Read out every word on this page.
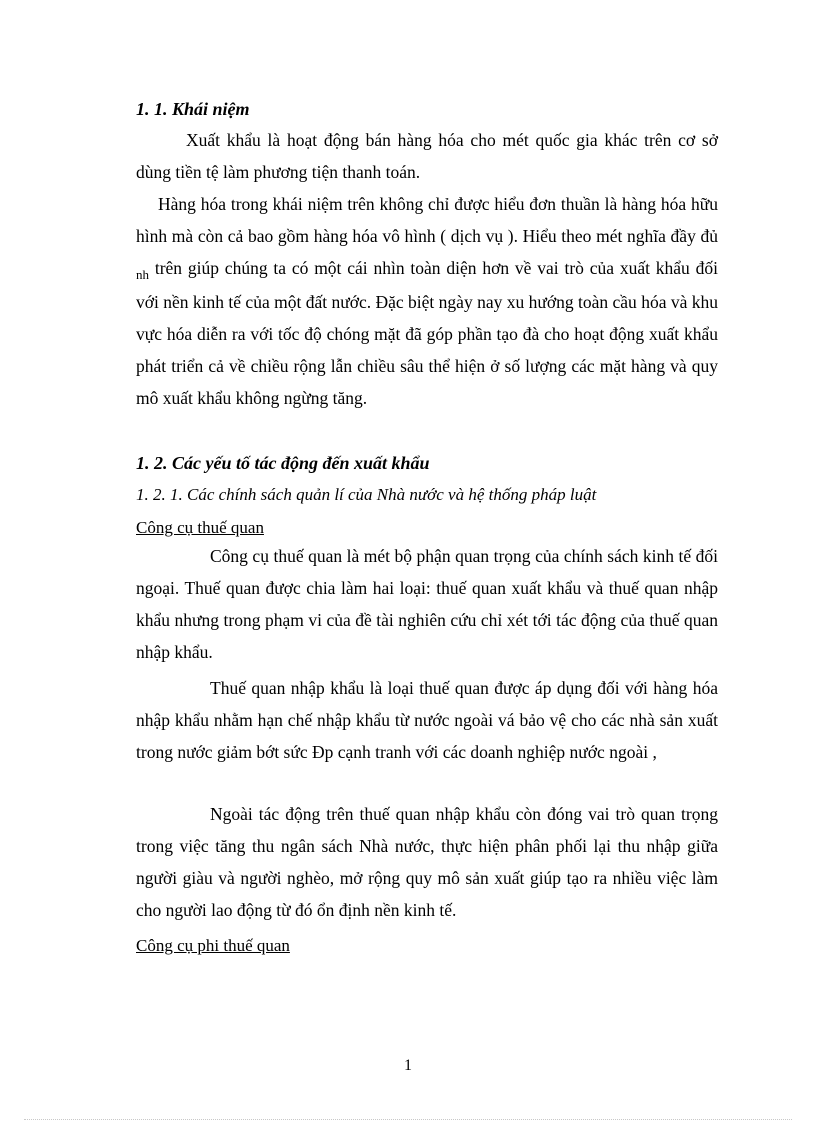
1. 1. Khái niệm

Xuất khẩu là hoạt động bán hàng hóa cho mét quốc gia khác trên cơ sở dùng tiền tệ làm phương tiện thanh toán.

Hàng hóa trong khái niệm trên không chỉ được hiểu đơn thuần là hàng hóa hữu hình mà còn cả bao gồm hàng hóa vô hình ( dịch vụ ). Hiểu theo mét nghĩa đầy đủ $_{nh}$ trên giúp chúng ta có một cái nhìn toàn diện hơn về vai trò của xuất khẩu đối với nền kinh tế của một đất nước. Đặc biệt ngày nay xu hướng toàn cầu hóa và khu vực hóa diễn ra với tốc độ chóng mặt đã góp phần tạo đà cho hoạt động xuất khẩu phát triển cả về chiều rộng lẫn chiều sâu thể hiện ở số lượng các mặt hàng và quy mô xuất khẩu không ngừng tăng.

1. 2. Các yếu tố tác động đến xuất khẩu
1. 2. 1. Các chính sách quản lí của Nhà nước và hệ thống pháp luật
Công cụ thuế quan

Công cụ thuế quan là mét bộ phận quan trọng của chính sách kinh tế đối ngoại. Thuế quan được chia làm hai loại: thuế quan xuất khẩu và thuế quan nhập khẩu nhưng trong phạm vi của đề tài nghiên cứu chỉ xét tới tác động của thuế quan nhập khẩu.

Thuế quan nhập khẩu là loại thuế quan được áp dụng đối với hàng hóa nhập khẩu nhằm hạn chế nhập khẩu từ nước ngoài vá bảo vệ cho các nhà sản xuất trong nước giảm bớt sức Ðp cạnh tranh với các doanh nghiệp nước ngoài ,

Ngoài tác động trên thuế quan nhập khẩu còn đóng vai trò quan trọng trong việc tăng thu ngân sách Nhà nước, thực hiện phân phối lại thu nhập giữa người giàu và người nghèo, mở rộng quy mô sản xuất giúp tạo ra nhiều việc làm cho người lao động từ đó ổn định nền kinh tế.

Công cụ phi thuế quan
1
